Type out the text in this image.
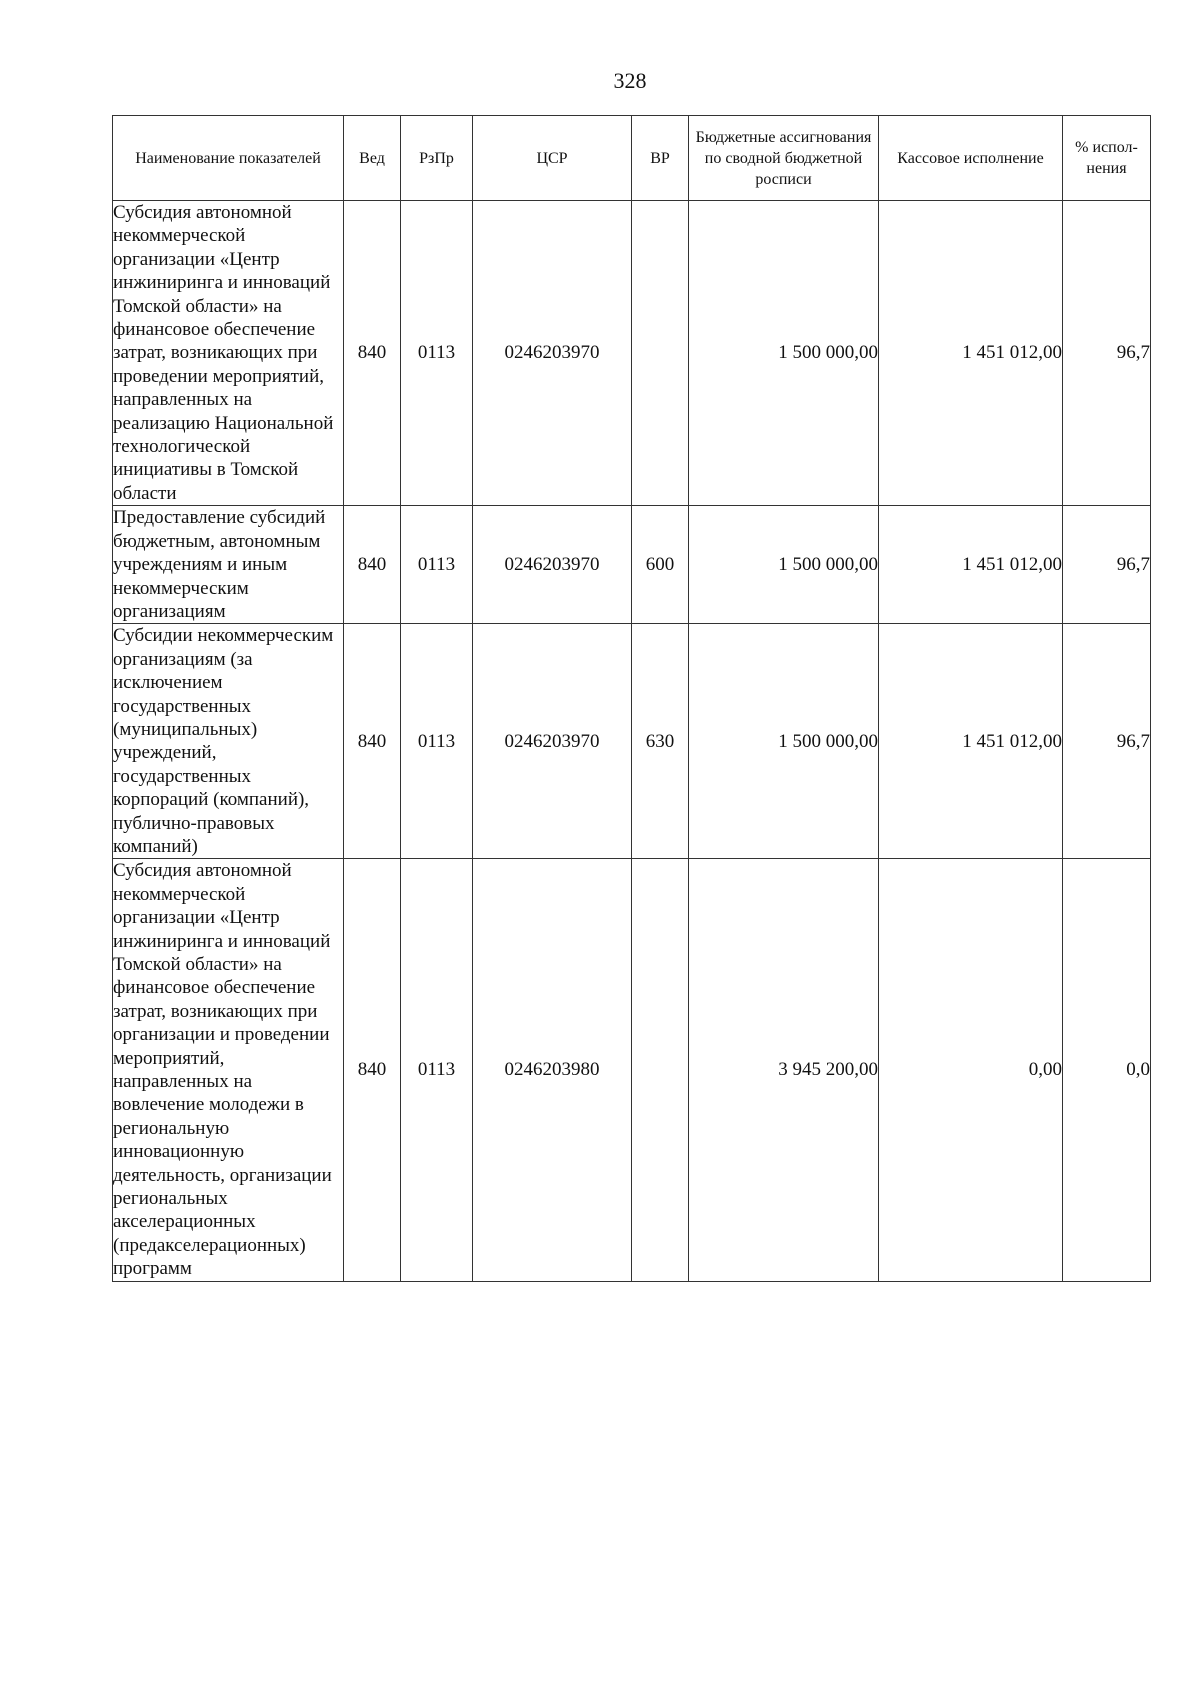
328
Наименование показателей	Вед	РзПр	ЦСР	ВР	Бюджетные ассигнования по сводной бюджетной росписи	Кассовое исполнение	% испол-нения
Субсидия автономной некоммерческой организации «Центр инжиниринга и инноваций Томской области» на финансовое обеспечение затрат, возникающих при проведении мероприятий, направленных на реализацию Национальной технологической инициативы в Томской области	840	0113	0246203970		1 500 000,00	1 451 012,00	96,7
Предоставление субсидий бюджетным, автономным учреждениям и иным некоммерческим организациям	840	0113	0246203970	600	1 500 000,00	1 451 012,00	96,7
Субсидии некоммерческим организациям (за исключением государственных (муниципальных) учреждений, государственных корпораций (компаний), публично-правовых компаний)	840	0113	0246203970	630	1 500 000,00	1 451 012,00	96,7
Субсидия автономной некоммерческой организации «Центр инжиниринга и инноваций Томской области» на финансовое обеспечение затрат, возникающих при организации и проведении мероприятий, направленных на вовлечение молодежи в региональную инновационную деятельность, организации региональных акселерационных (предакселерационных) программ	840	0113	0246203980		3 945 200,00	0,00	0,0
